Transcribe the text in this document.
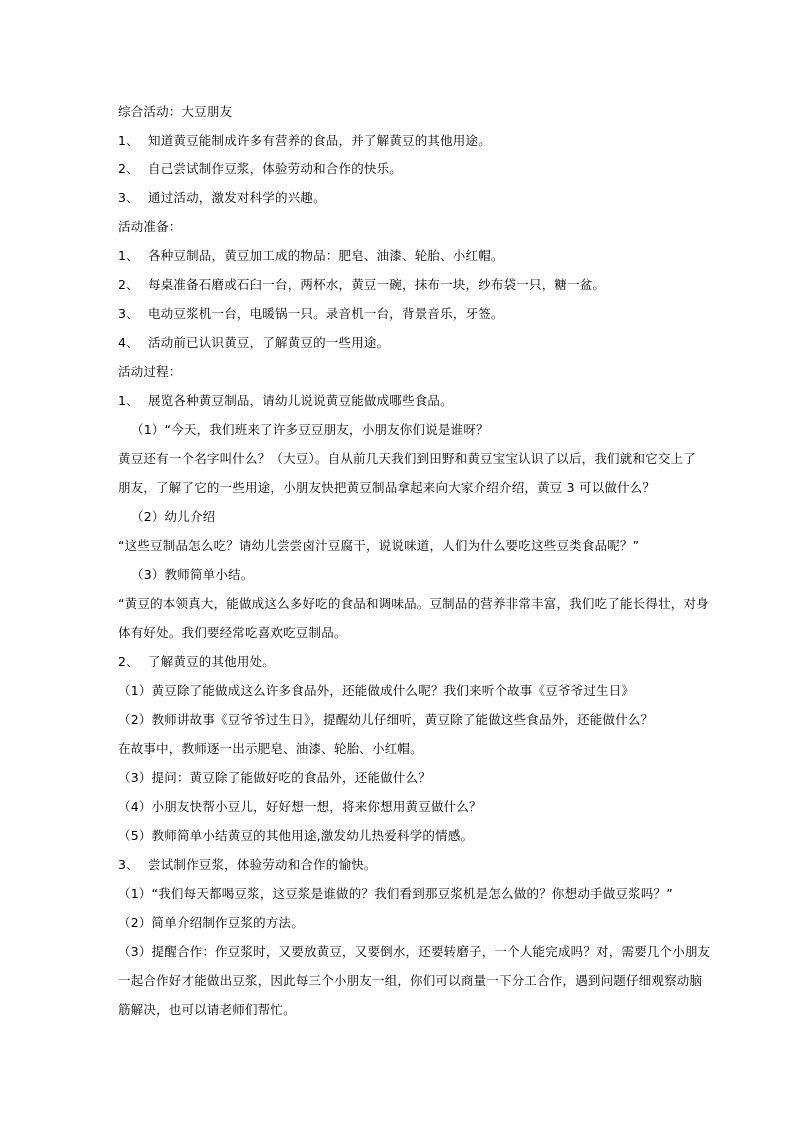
综合活动：大豆朋友
1、 知道黄豆能制成许多有营养的食品，并了解黄豆的其他用途。
2、 自己尝试制作豆浆，体验劳动和合作的快乐。
3、 通过活动，激发对科学的兴趣。
活动准备：
1、 各种豆制品，黄豆加工成的物品：肥皂、油漆、轮胎、小红帽。
2、 每桌准备石磨或石臼一台，两杯水，黄豆一碗，抹布一块，纱布袋一只，糖一盆。
3、 电动豆浆机一台，电暖锅一只。录音机一台，背景音乐，牙签。
4、 活动前已认识黄豆，了解黄豆的一些用途。
活动过程：
1、 展览各种黄豆制品，请幼儿说说黄豆能做成哪些食品。
（1）“今天，我们班来了许多豆豆朋友，小朋友你们说是谁呀？
黄豆还有一个名字叫什么？（大豆）。自从前几天我们到田野和黄豆宝宝认识了以后，我们就和它交上了
朋友，了解了它的一些用途，小朋友快把黄豆制品拿起来向大家介绍介绍，黄豆 3 可以做什么？
（2）幼儿介绍
“这些豆制品怎么吃？请幼儿尝尝卤汁豆腐干，说说味道，人们为什么要吃这些豆类食品呢？”
（3）教师简单小结。
“黄豆的本领真大，能做成这么多好吃的食品和调味品。豆制品的营养非常丰富，我们吃了能长得壮，对身
体有好处。我们要经常吃喜欢吃豆制品。
2、 了解黄豆的其他用处。
（1）黄豆除了能做成这么许多食品外，还能做成什么呢？我们来听个故事《豆爷爷过生日》
（2）教师讲故事《豆爷爷过生日》，提醒幼儿仔细听，黄豆除了能做这些食品外，还能做什么？
在故事中，教师逐一出示肥皂、油漆、轮胎、小红帽。
（3）提问：黄豆除了能做好吃的食品外，还能做什么？
（4）小朋友快帮小豆儿，好好想一想，将来你想用黄豆做什么？
（5）教师简单小结黄豆的其他用途,激发幼儿热爱科学的情感。
3、 尝试制作豆浆，体验劳动和合作的愉快。
（1）“我们每天都喝豆浆，这豆浆是谁做的？我们看到那豆浆机是怎么做的？你想动手做豆浆吗？”
（2）简单介绍制作豆浆的方法。
（3）提醒合作：作豆浆时，又要放黄豆，又要倒水，还要转磨子，一个人能完成吗？对，需要几个小朋友
一起合作好才能做出豆浆，因此每三个小朋友一组，你们可以商量一下分工合作，遇到问题仔细观察动脑
筋解决，也可以请老师们帮忙。
